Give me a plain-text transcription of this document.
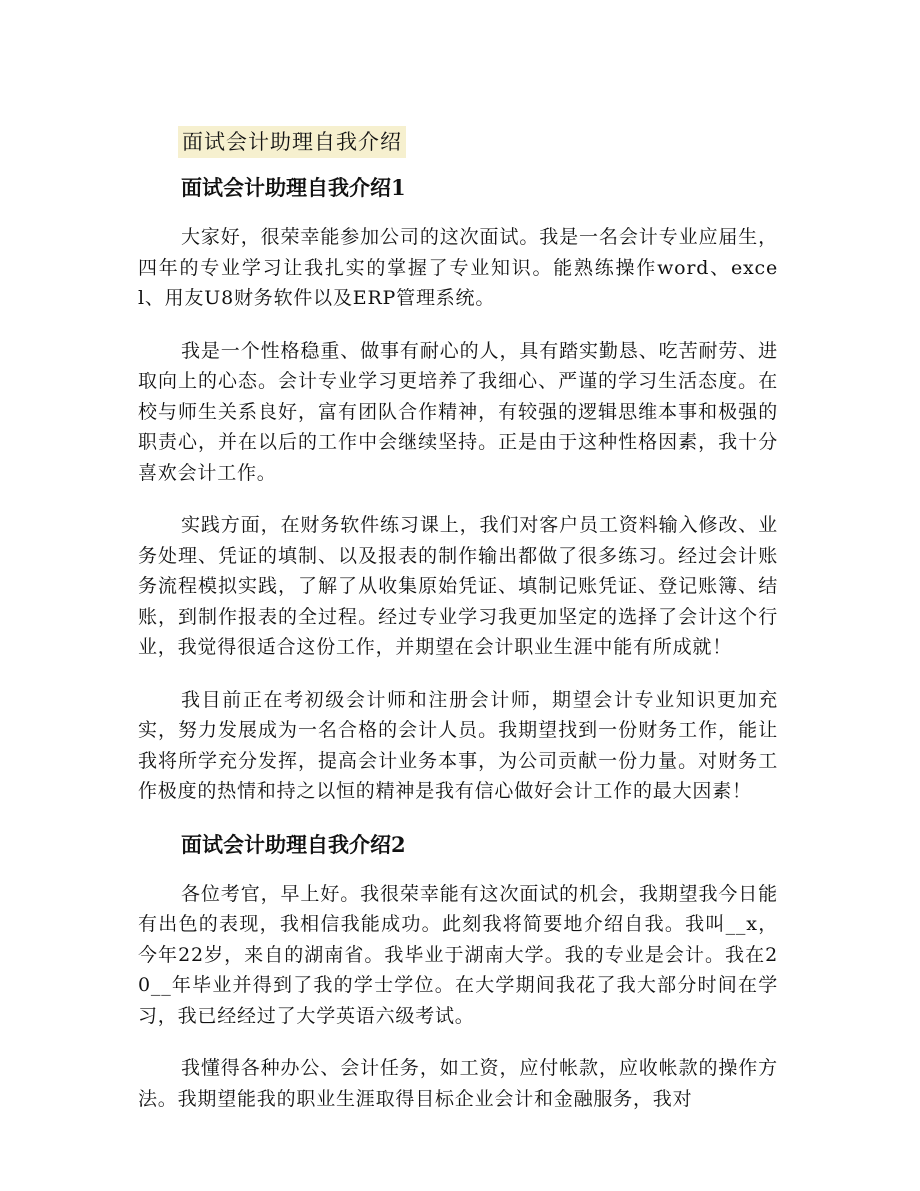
面试会计助理自我介绍
面试会计助理自我介绍1

大家好，很荣幸能参加公司的这次面试。我是一名会计专业应届生，四年的专业学习让我扎实的掌握了专业知识。能熟练操作word、excel、用友U8财务软件以及ERP管理系统。

我是一个性格稳重、做事有耐心的人，具有踏实勤恳、吃苦耐劳、进取向上的心态。会计专业学习更培养了我细心、严谨的学习生活态度。在校与师生关系良好，富有团队合作精神，有较强的逻辑思维本事和极强的职责心，并在以后的工作中会继续坚持。正是由于这种性格因素，我十分喜欢会计工作。

实践方面，在财务软件练习课上，我们对客户员工资料输入修改、业务处理、凭证的填制、以及报表的制作输出都做了很多练习。经过会计账务流程模拟实践，了解了从收集原始凭证、填制记账凭证、登记账簿、结账，到制作报表的全过程。经过专业学习我更加坚定的选择了会计这个行业，我觉得很适合这份工作，并期望在会计职业生涯中能有所成就！

我目前正在考初级会计师和注册会计师，期望会计专业知识更加充实，努力发展成为一名合格的会计人员。我期望找到一份财务工作，能让我将所学充分发挥，提高会计业务本事，为公司贡献一份力量。对财务工作极度的热情和持之以恒的精神是我有信心做好会计工作的最大因素！

面试会计助理自我介绍2

各位考官，早上好。我很荣幸能有这次面试的机会，我期望我今日能有出色的表现，我相信我能成功。此刻我将简要地介绍自我。我叫__x，今年22岁，来自的湖南省。我毕业于湖南大学。我的专业是会计。我在20__年毕业并得到了我的学士学位。在大学期间我花了我大部分时间在学习，我已经经过了大学英语六级考试。

我懂得各种办公、会计任务，如工资，应付帐款，应收帐款的操作方法。我期望能我的职业生涯取得目标企业会计和金融服务，我对
